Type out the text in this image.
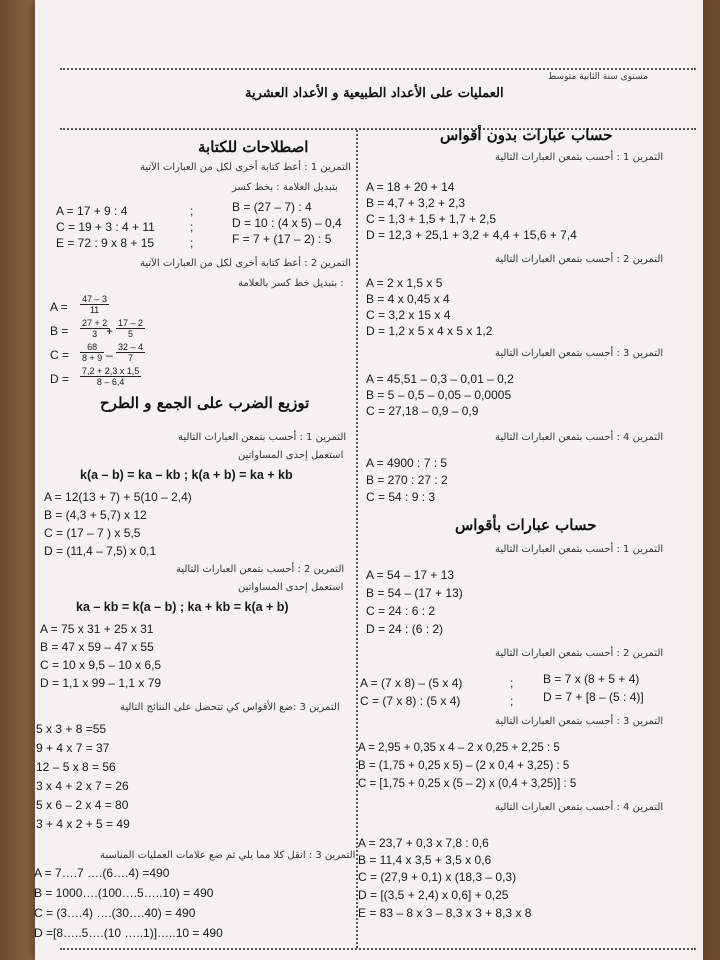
مستوى سنة الثانية متوسط
العمليات على الأعداد الطبيعية و الأعداد العشرية
حساب عبارات بدون أقواس
التمرين 1 : أحسب بتمعن العبارات التالية
A = 18 + 20 + 14
B = 4,7 + 3,2 + 2,3
C = 1,3 + 1,5 + 1,7 + 2,5
D = 12,3 + 25,1 + 3,2 + 4,4 + 15,6 + 7,4
التمرين 2 : أحسب بتمعن العبارات التالية
A = 2 x 1,5 x 5
B = 4 x 0,45 x 4
C = 3,2 x 15 x 4
D = 1,2 x 5 x 4 x 5 x 1,2
التمرين 3 : أحسب بتمعن العبارات التالية
A = 45,51 – 0,3 – 0,01 – 0,2
B = 5 – 0,5 – 0,05 – 0,0005
C = 27,18 – 0,9 – 0,9
التمرين 4 : أحسب بتمعن العبارات التالية
A = 4900 : 7 : 5
B = 270 : 27 : 2
C = 54 : 9 : 3
حساب عبارات بأقواس
التمرين 1 : أحسب بتمعن العبارات التالية
A = 54 – 17 + 13
B = 54 – (17 + 13)
C = 24 : 6 : 2
D = 24 : (6 : 2)
التمرين 2 : أحسب بتمعن العبارات التالية
A = (7 x 8) – (5 x 4)	; B = 7 x (8 + 5 + 4)
C = (7 x 8) : (5 x 4)	; D = 7 + [8 – (5 : 4)]
التمرين 3 : أحسب بتمعن العبارات التالية
A = 2,95 + 0,35 x 4 – 2 x 0,25 + 2,25 : 5
B = (1,75 + 0,25 x 5) – (2 x 0,4 + 3,25) : 5
C = [1,75 + 0,25 x (5 – 2) x (0,4 + 3,25)] : 5
التمرين 4 : أحسب بتمعن العبارات التالية
A = 23,7 + 0,3 x 7,8 : 0,6
B = 11,4 x 3,5 + 3,5 x 0,6
C = (27,9 + 0,1) x (18,3 – 0,3)
D = [(3,5 + 2,4) x 0,6] + 0,25
E = 83 – 8 x 3 – 8,3 x 3 + 8,3 x 8
اصطلاحات للكتابة
التمرين 1 : أعط كتابة أخرى لكل من العبارات الآتية
بتبديل العلامة : بخط كسر
A = 17 + 9 : 4
C = 19 + 3 : 4 + 11
E = 72 : 9 x 8 + 15
;
;
;
B = (27 – 7) : 4
D = 10 : (4 x 5) – 0,4
F = 7 + (17 – 2) : 5
التمرين 2 : أعط كتابة أخرى لكل من العبارات الآتية
بتبديل خط كسر بالعلامة :
$A = \frac{47 - 3}{11}$
$B = \frac{27 + 2}{3}$
+ $\frac{17 - 2}{5}$
$C = \frac{68}{8 + 9} - \frac{32 - 4}{7}$
$D = \frac{7,2 + 2,3 x 1,5}{8 - 6,4}$
توزيع الضرب على الجمع و الطرح
التمرين 1 : أحسب بتمعن العبارات التالية
استعمل إحدى المساواتين
k(a – b) = ka – kb ; k(a + b) = ka + kb
A = 12(13 + 7) + 5(10 – 2,4)
B = (4,3 + 5,7) x 12
C = (17 – 7 ) x 5,5
D = (11,4 – 7,5) x 0,1
التمرين 2 : أحسب بتمعن العبارات التالية
استعمل إحدى المساواتين
ka – kb = k(a – b) ; ka + kb = k(a + b)
A = 75 x 31 + 25 x 31
B = 47 x 59 – 47 x 55
C = 10 x 9,5 – 10 x 6,5
D = 1,1 x 99 – 1,1 x 79
التمرين 3 :ضع الأقواس كي تتحصل على النتائج التالية
5 x 3 + 8 =55
9 + 4 x 7 = 37
12 – 5 x 8 = 56
3 x 4 + 2 x 7 = 26
5 x 6 – 2 x 4 = 80
3 + 4 x 2 + 5 = 49
التمرين 3 : انقل كلا مما يلي ثم ضع علامات العمليات المناسبة
A = 7….7 ….(6….4) =490
B = 1000….(100….5…..10) = 490
C = (3….4) ….(30….40) = 490
D =[8…..5….(10 …..1)]…..10 = 490
